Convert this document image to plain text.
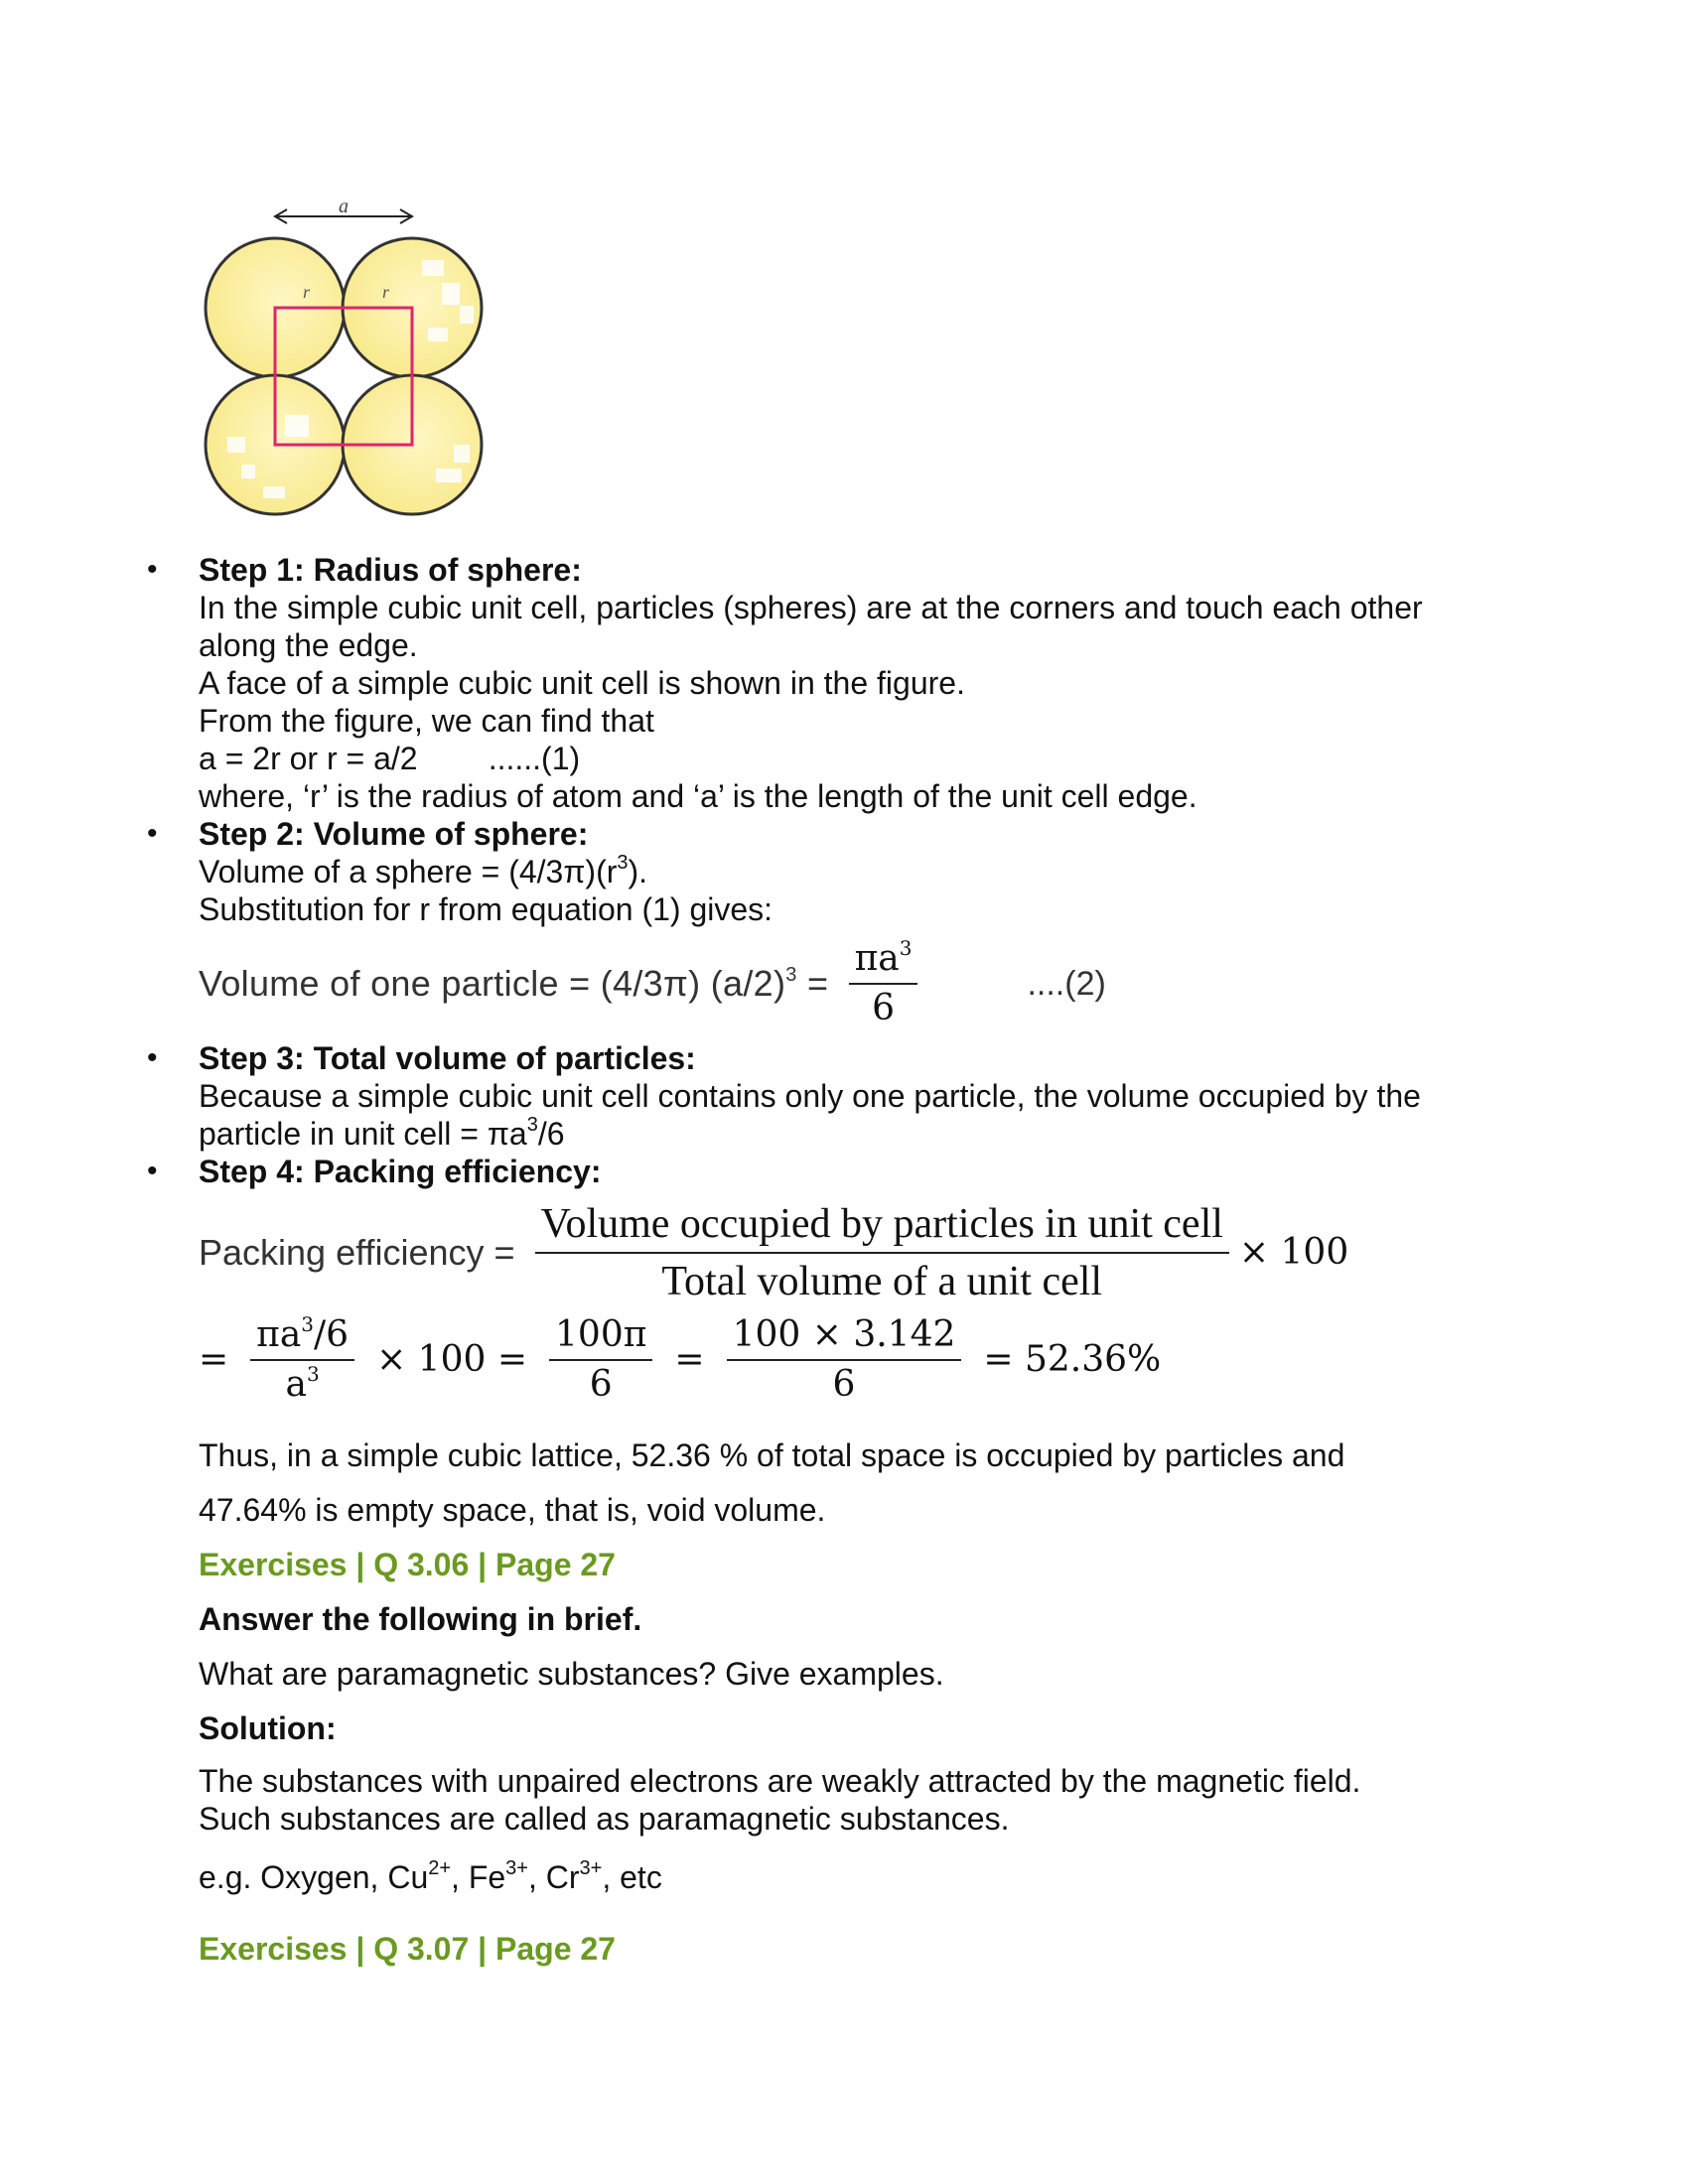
a
r	r
• Step 1: Radius of sphere:
In the simple cubic unit cell, particles (spheres) are at the corners and touch each other
along the edge.
A face of a simple cubic unit cell is shown in the figure.
From the figure, we can find that
a = 2r or r = a/2        ......(1)
where, ‘r’ is the radius of atom and ‘a’ is the length of the unit cell edge.
• Step 2: Volume of sphere:
Volume of a sphere = $(4/3\pi)(r^3)$.
Substitution for r from equation (1) gives:
Volume of one particle = (4/3π) $(a/2)^3 = \frac{\pi a^3}{6}$	....(2)
• Step 3: Total volume of particles:
Because a simple cubic unit cell contains only one particle, the volume occupied by the
particle in unit cell = $\pi a^3/6$
• Step 4: Packing efficiency:
Packing efficiency = $\frac{\text{Volume occupied by particles in unit cell}}{\text{Total volume of a unit cell}} \times 100$
= $\frac{\pi a^3/6}{a^3} \times 100 = \frac{100\pi}{6} = \frac{100 \times 3.142}{6} = 52.36\%$
Thus, in a simple cubic lattice, 52.36 % of total space is occupied by particles and
47.64% is empty space, that is, void volume.
Exercises | Q 3.06 | Page 27
Answer the following in brief.
What are paramagnetic substances? Give examples.
Solution:
The substances with unpaired electrons are weakly attracted by the magnetic field.
Such substances are called as paramagnetic substances.
e.g. Oxygen, $Cu^{2+}$, $Fe^{3+}$, $Cr^{3+}$, etc
Exercises | Q 3.07 | Page 27
